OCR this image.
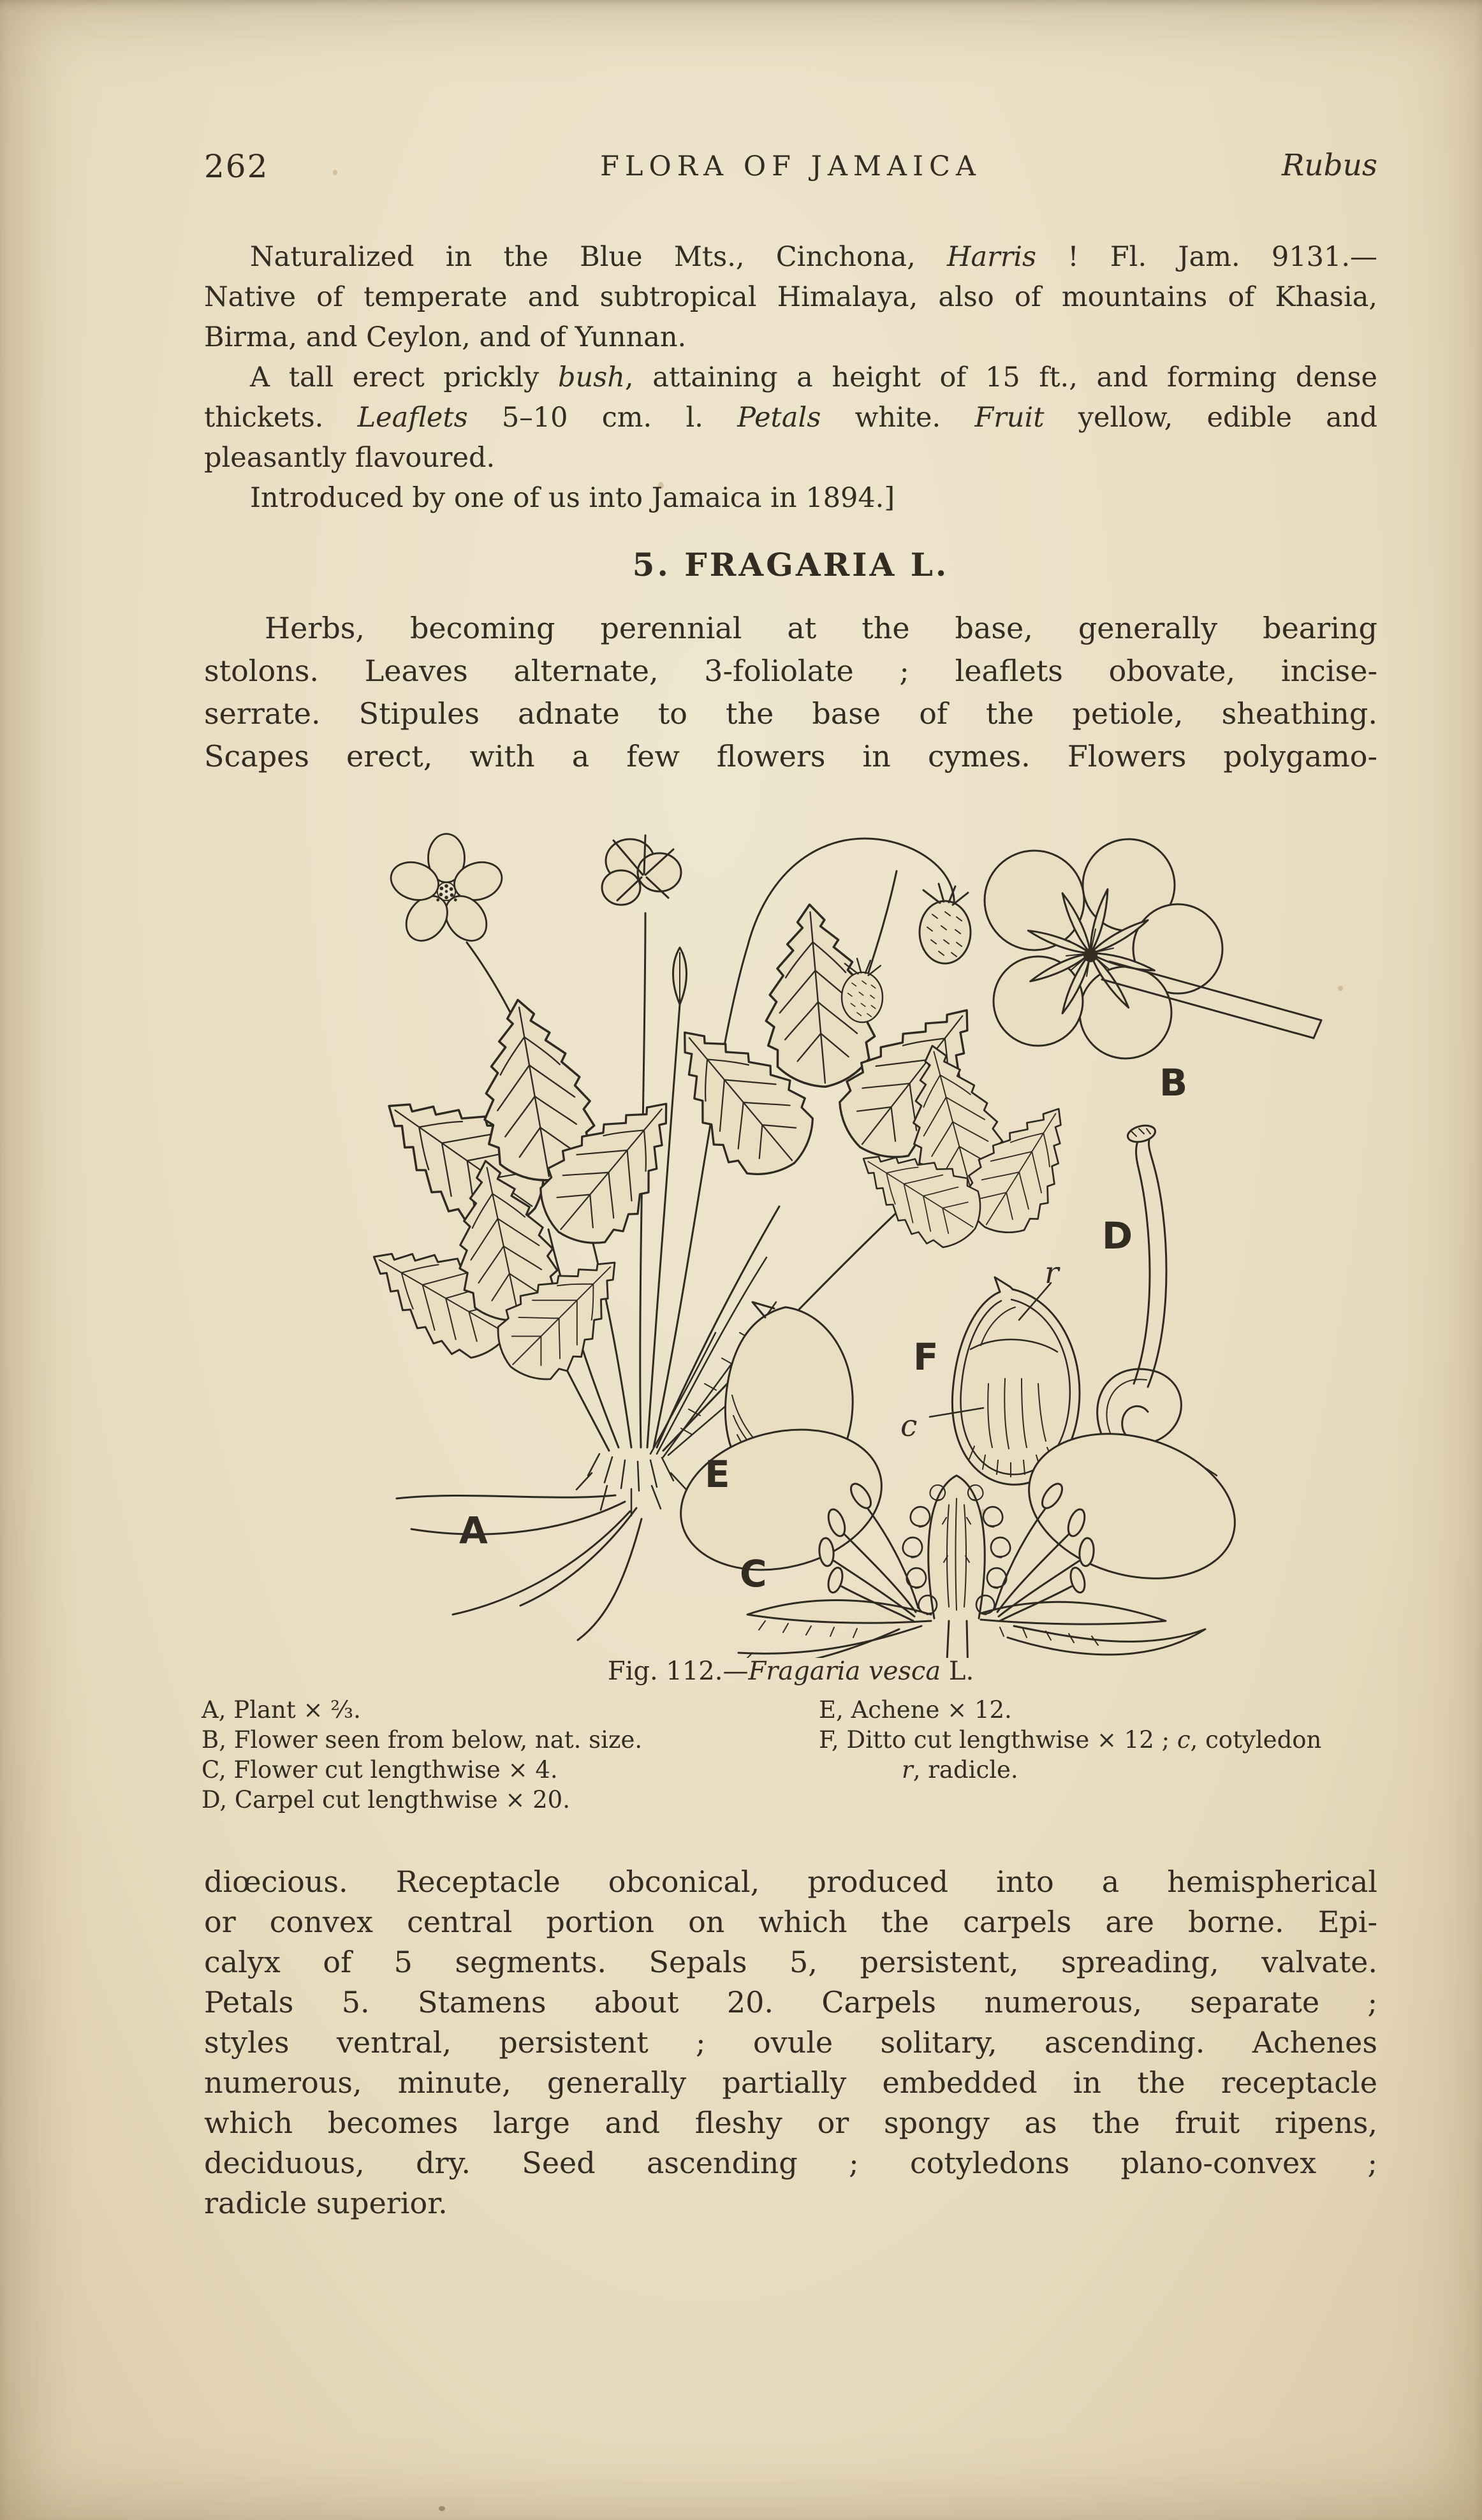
262	FLORA OF JAMAICA	Rubus
Naturalized in the Blue Mts., Cinchona, Harris ! Fl. Jam. 9131.—
Native of temperate and subtropical Himalaya, also of mountains of Khasia,
Birma, and Ceylon, and of Yunnan.
A tall erect prickly bush, attaining a height of 15 ft., and forming dense
thickets. Leaflets 5–10 cm. l. Petals white. Fruit yellow, edible and
pleasantly flavoured.
Introduced by one of us into Jamaica in 1894.]
5. FRAGARIA L.
Herbs, becoming perennial at the base, generally bearing
stolons. Leaves alternate, 3-foliolate ; leaflets obovate, incise-
serrate. Stipules adnate to the base of the petiole, sheathing.
Scapes erect, with a few flowers in cymes. Flowers polygamo-
A
B
C
D
E
F
r
c
Fig. 112.—Fragaria vesca L.
A, Plant × ⅔.
B, Flower seen from below, nat. size.
C, Flower cut lengthwise × 4.
D, Carpel cut lengthwise × 20.
E, Achene × 12.
F, Ditto cut lengthwise × 12 ; c, cotyledon
r, radicle.
diœcious. Receptacle obconical, produced into a hemispherical
or convex central portion on which the carpels are borne. Epi-
calyx of 5 segments. Sepals 5, persistent, spreading, valvate.
Petals 5. Stamens about 20. Carpels numerous, separate ;
styles ventral, persistent ; ovule solitary, ascending. Achenes
numerous, minute, generally partially embedded in the receptacle
which becomes large and fleshy or spongy as the fruit ripens,
deciduous, dry. Seed ascending ; cotyledons plano-convex ;
radicle superior.
